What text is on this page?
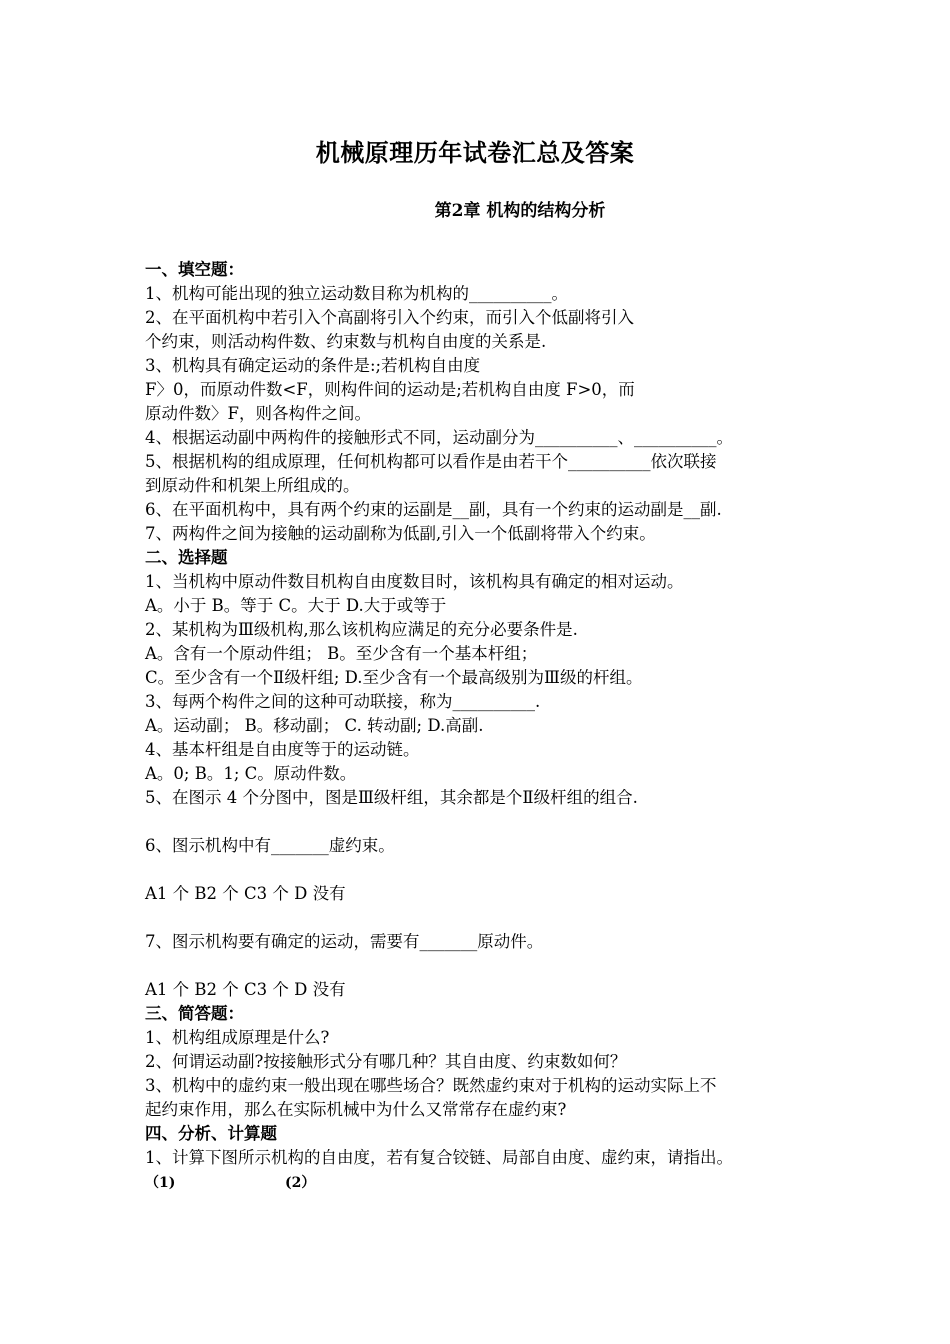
机械原理历年试卷汇总及答案
第2章 机构的结构分析
一、填空题：
1、机构可能出现的独立运动数目称为机构的__________。
2、在平面机构中若引入个高副将引入个约束，而引入个低副将引入
个约束，则活动构件数、约束数与机构自由度的关系是.
3、机构具有确定运动的条件是:;若机构自由度
F〉0，而原动件数<F，则构件间的运动是;若机构自由度 F>0，而
原动件数〉F，则各构件之间。
4、根据运动副中两构件的接触形式不同，运动副分为__________、__________。
5、根据机构的组成原理，任何机构都可以看作是由若干个__________依次联接
到原动件和机架上所组成的。
6、在平面机构中，具有两个约束的运副是__副，具有一个约束的运动副是__副.
7、两构件之间为接触的运动副称为低副,引入一个低副将带入个约束。
二、选择题
1、当机构中原动件数目机构自由度数目时，该机构具有确定的相对运动。
A。小于 B。等于 C。大于 D.大于或等于
2、某机构为Ⅲ级机构,那么该机构应满足的充分必要条件是.
A。含有一个原动件组； B。至少含有一个基本杆组；
C。至少含有一个Ⅱ级杆组; D.至少含有一个最高级别为Ⅲ级的杆组。
3、每两个构件之间的这种可动联接，称为__________.
A。运动副； B。移动副； C. 转动副; D.高副.
4、基本杆组是自由度等于的运动链。
A。0; B。1; C。原动件数。
5、在图示 4 个分图中，图是Ⅲ级杆组，其余都是个Ⅱ级杆组的组合.
6、图示机构中有_______虚约束。
A1 个 B2 个 C3 个 D 没有
7、图示机构要有确定的运动，需要有_______原动件。
A1 个 B2 个 C3 个 D 没有
三、简答题：
1、机构组成原理是什么?
2、何谓运动副?按接触形式分有哪几种？其自由度、约束数如何？
3、机构中的虚约束一般出现在哪些场合？既然虚约束对于机构的运动实际上不
起约束作用，那么在实际机械中为什么又常常存在虚约束?
四、分析、计算题
1、计算下图所示机构的自由度，若有复合铰链、局部自由度、虚约束，请指出。
（1)	(2）
